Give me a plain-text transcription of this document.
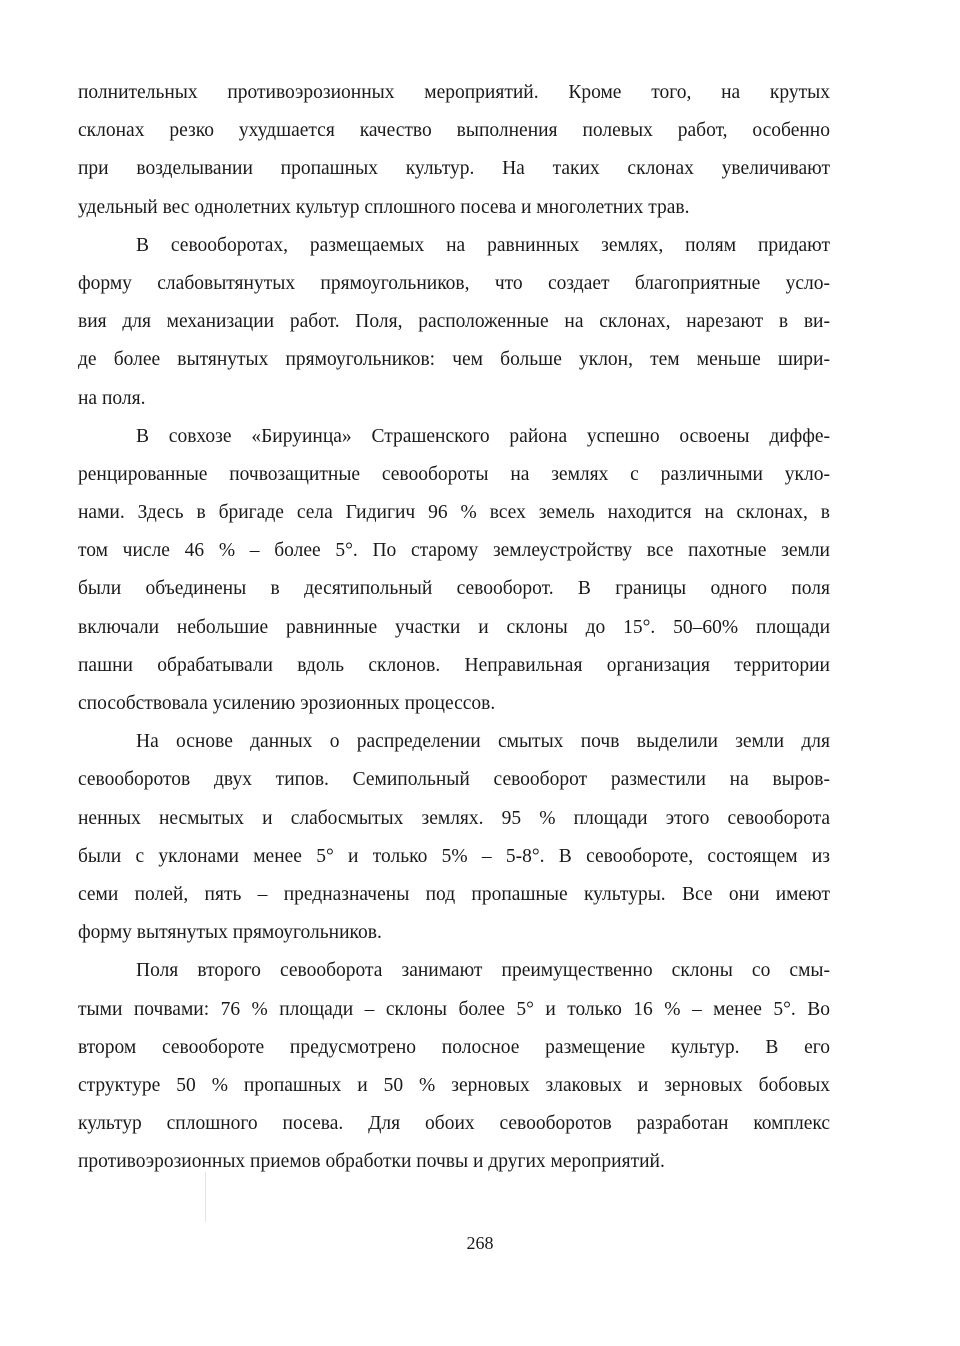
полнительных противоэрозионных мероприятий. Кроме того, на крутых
склонах резко ухудшается качество выполнения полевых работ, особенно
при возделывании пропашных культур. На таких склонах увеличивают
удельный вес однолетних культур сплошного посева и многолетних трав.

В севооборотах, размещаемых на равнинных землях, полям придают
форму слабовытянутых прямоугольников, что создает благоприятные усло-
вия для механизации работ. Поля, расположенные на склонах, нарезают в ви-
де более вытянутых прямоугольников: чем больше уклон, тем меньше шири-
на поля.

В совхозе «Бируинца» Страшенского района успешно освоены диффе-
ренцированные почвозащитные севообороты на землях с различными укло-
нами. Здесь в бригаде села Гидигич 96 % всех земель находится на склонах, в
том числе 46 % – более 5°. По старому землеустройству все пахотные земли
были объединены в десятипольный севооборот. В границы одного поля
включали небольшие равнинные участки и склоны до 15°. 50–60% площади
пашни обрабатывали вдоль склонов. Неправильная организация территории
способствовала усилению эрозионных процессов.

На основе данных о распределении смытых почв выделили земли для
севооборотов двух типов. Семипольный севооборот разместили на выров-
ненных несмытых и слабосмытых землях. 95 % площади этого севооборота
были с уклонами менее 5° и только 5% – 5-8°. В севообороте, состоящем из
семи полей, пять – предназначены под пропашные культуры. Все они имеют
форму вытянутых прямоугольников.

Поля второго севооборота занимают преимущественно склоны со смы-
тыми почвами: 76 % площади – склоны более 5° и только 16 % – менее 5°. Во
втором севообороте предусмотрено полосное размещение культур. В его
структуре 50 % пропашных и 50 % зерновых злаковых и зерновых бобовых
культур сплошного посева. Для обоих севооборотов разработан комплекс
противоэрозионных приемов обработки почвы и других мероприятий.

268
